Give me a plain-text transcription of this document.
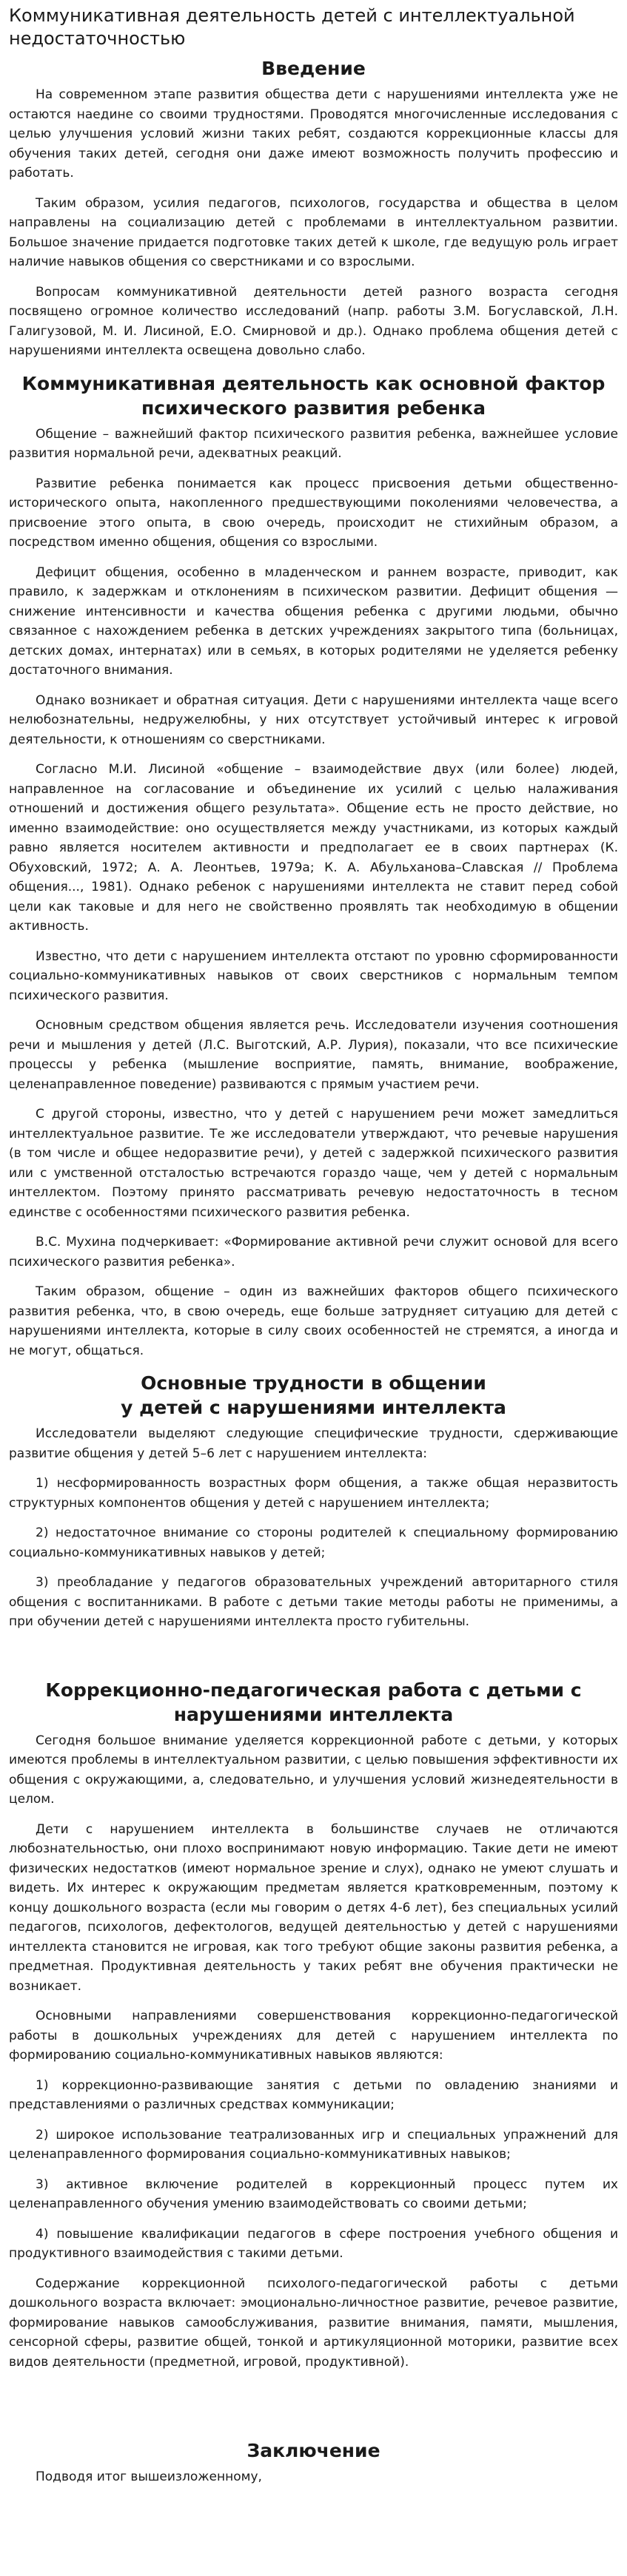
Коммуникативная деятельность детей с интеллектуальной недостаточностью
Введение

На современном этапе развития общества дети с нарушениями интеллекта уже не остаются наедине со своими трудностями. Проводятся многочисленные исследования с целью улучшения условий жизни таких ребят, создаются коррекционные классы для обучения таких детей, сегодня они даже имеют возможность получить профессию и работать.

Таким образом, усилия педагогов, психологов, государства и общества в целом направлены на социализацию детей с проблемами в интеллектуальном развитии. Большое значение придается подготовке таких детей к школе, где ведущую роль играет наличие навыков общения со сверстниками и со взрослыми.

Вопросам коммуникативной деятельности детей разного возраста сегодня посвящено огромное количество исследований (напр. работы З.М. Богуславской, Л.Н. Галигузовой, М. И. Лисиной, Е.О. Смирновой и др.). Однако проблема общения детей с нарушениями интеллекта освещена довольно слабо.

Коммуникативная деятельность как основной фактор
психического развития ребенка

Общение – важнейший фактор психического развития ребенка, важнейшее условие развития нормальной речи, адекватных реакций.

Развитие ребенка понимается как процесс присвоения детьми общественно-исторического опыта, накопленного предшествующими поколениями человечества, а присвоение этого опыта, в свою очередь, происходит не стихийным образом, а посредством именно общения, общения со взрослыми.

Дефицит общения, особенно в младенческом и раннем возрасте, приводит, как правило, к задержкам и отклонениям в психическом развитии. Дефицит общения — снижение интенсивности и качества общения ребенка с другими людьми, обычно связанное с нахождением ребенка в детских учреждениях закрытого типа (больницах, детских домах, интернатах) или в семьях, в которых родителями не уделяется ребенку достаточного внимания.

Однако возникает и обратная ситуация. Дети с нарушениями интеллекта чаще всего нелюбознательны, недружелюбны, у них отсутствует устойчивый интерес к игровой деятельности, к отношениям со сверстниками.

Согласно М.И. Лисиной «общение – взаимодействие двух (или более) людей, направленное на согласование и объединение их усилий с целью налаживания отношений и достижения общего результата». Общение есть не просто действие, но именно взаимодействие: оно осуществляется между участниками, из которых каждый равно является носителем активности и предполагает ее в своих партнерах (К. Обуховский, 1972; А. А. Леонтьев, 1979а; К. А. Абульханова–Славская // Проблема общения..., 1981). Однако ребенок с нарушениями интеллекта не ставит перед собой цели как таковые и для него не свойственно проявлять так необходимую в общении активность.

Известно, что дети с нарушением интеллекта отстают по уровню сформированности социально-коммуникативных навыков от своих сверстников с нормальным темпом психического развития.

Основным средством общения является речь. Исследователи изучения соотношения речи и мышления у детей (Л.С. Выготский, А.Р. Лурия), показали, что все психические процессы у ребенка (мышление восприятие, память, внимание, воображение, целенаправленное поведение) развиваются с прямым участием речи.

С другой стороны, известно, что у детей с нарушением речи может замедлиться интеллектуальное развитие. Те же исследователи утверждают, что речевые нарушения (в том числе и общее недоразвитие речи), у детей с задержкой психического развития или с умственной отсталостью встречаются гораздо чаще, чем у детей с нормальным интеллектом. Поэтому принято рассматривать речевую недостаточность в тесном единстве с особенностями психического развития ребенка.

В.С. Мухина подчеркивает: «Формирование активной речи служит основой для всего психического развития ребенка».

Таким образом, общение – один из важнейших факторов общего психического развития ребенка, что, в свою очередь, еще больше затрудняет ситуацию для детей с нарушениями интеллекта, которые в силу своих особенностей не стремятся, а иногда и не могут, общаться.

Основные трудности в общении
у детей с нарушениями интеллекта

Исследователи выделяют следующие специфические трудности, сдерживающие развитие общения у детей 5–6 лет с нарушением интеллекта:

1) несформированность возрастных форм общения, а также общая неразвитость структурных компонентов общения у детей с нарушением интеллекта;

2) недостаточное внимание со стороны родителей к специальному формированию социально-коммуникативных навыков у детей;

3) преобладание у педагогов образовательных учреждений авторитарного стиля общения с воспитанниками. В работе с детьми такие методы работы не применимы, а при обучении детей с нарушениями интеллекта просто губительны.

Коррекционно-педагогическая работа с детьми с
нарушениями интеллекта

Сегодня большое внимание уделяется коррекционной работе с детьми, у которых имеются проблемы в интеллектуальном развитии, с целью повышения эффективности их общения с окружающими, а, следовательно, и улучшения условий жизнедеятельности в целом.

Дети с нарушением интеллекта в большинстве случаев не отличаются любознательностью, они плохо воспринимают новую информацию. Такие дети не имеют физических недостатков (имеют нормальное зрение и слух), однако не умеют слушать и видеть. Их интерес к окружающим предметам является кратковременным, поэтому к концу дошкольного возраста (если мы говорим о детях 4-6 лет), без специальных усилий педагогов, психологов, дефектологов, ведущей деятельностью у детей с нарушениями интеллекта становится не игровая, как того требуют общие законы развития ребенка, а предметная. Продуктивная деятельность у таких ребят вне обучения практически не возникает.

Основными направлениями совершенствования коррекционно-педагогической работы в дошкольных учреждениях для детей с нарушением интеллекта по формированию социально-коммуникативных навыков являются:

1) коррекционно-развивающие занятия с детьми по овладению знаниями и представлениями о различных средствах коммуникации;

2) широкое использование театрализованных игр и специальных упражнений для целенаправленного формирования социально-коммуникативных навыков;

3) активное включение родителей в коррекционный процесс путем их целенаправленного обучения умению взаимодействовать со своими детьми;

4) повышение квалификации педагогов в сфере построения учебного общения и продуктивного взаимодействия с такими детьми.

Содержание коррекционной психолого-педагогической работы с детьми дошкольного возраста включает: эмоционально-личностное развитие, речевое развитие, формирование навыков самообслуживания, развитие внимания, памяти, мышления, сенсорной сферы, развитие общей, тонкой и артикуляционной моторики, развитие всех видов деятельности (предметной, игровой, продуктивной).

Заключение

Подводя итог вышеизложенному,
